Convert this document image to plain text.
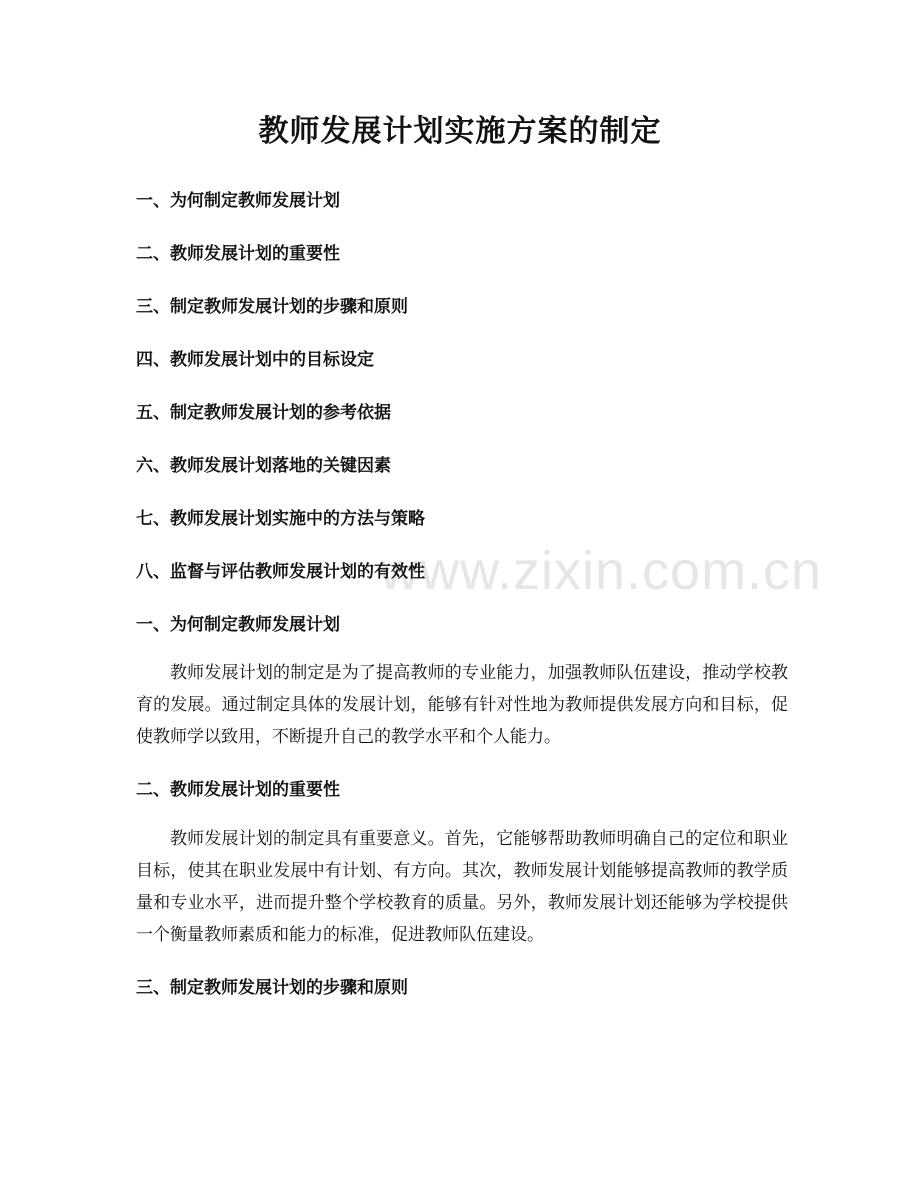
www.zixin.com.cn
教师发展计划实施方案的制定
一、为何制定教师发展计划
二、教师发展计划的重要性
三、制定教师发展计划的步骤和原则
四、教师发展计划中的目标设定
五、制定教师发展计划的参考依据
六、教师发展计划落地的关键因素
七、教师发展计划实施中的方法与策略
八、监督与评估教师发展计划的有效性
一、为何制定教师发展计划

教师发展计划的制定是为了提高教师的专业能力，加强教师队伍建设，推动学校教育的发展。通过制定具体的发展计划，能够有针对性地为教师提供发展方向和目标，促使教师学以致用，不断提升自己的教学水平和个人能力。

二、教师发展计划的重要性

教师发展计划的制定具有重要意义。首先，它能够帮助教师明确自己的定位和职业目标，使其在职业发展中有计划、有方向。其次，教师发展计划能够提高教师的教学质量和专业水平，进而提升整个学校教育的质量。另外，教师发展计划还能够为学校提供一个衡量教师素质和能力的标准，促进教师队伍建设。

三、制定教师发展计划的步骤和原则
